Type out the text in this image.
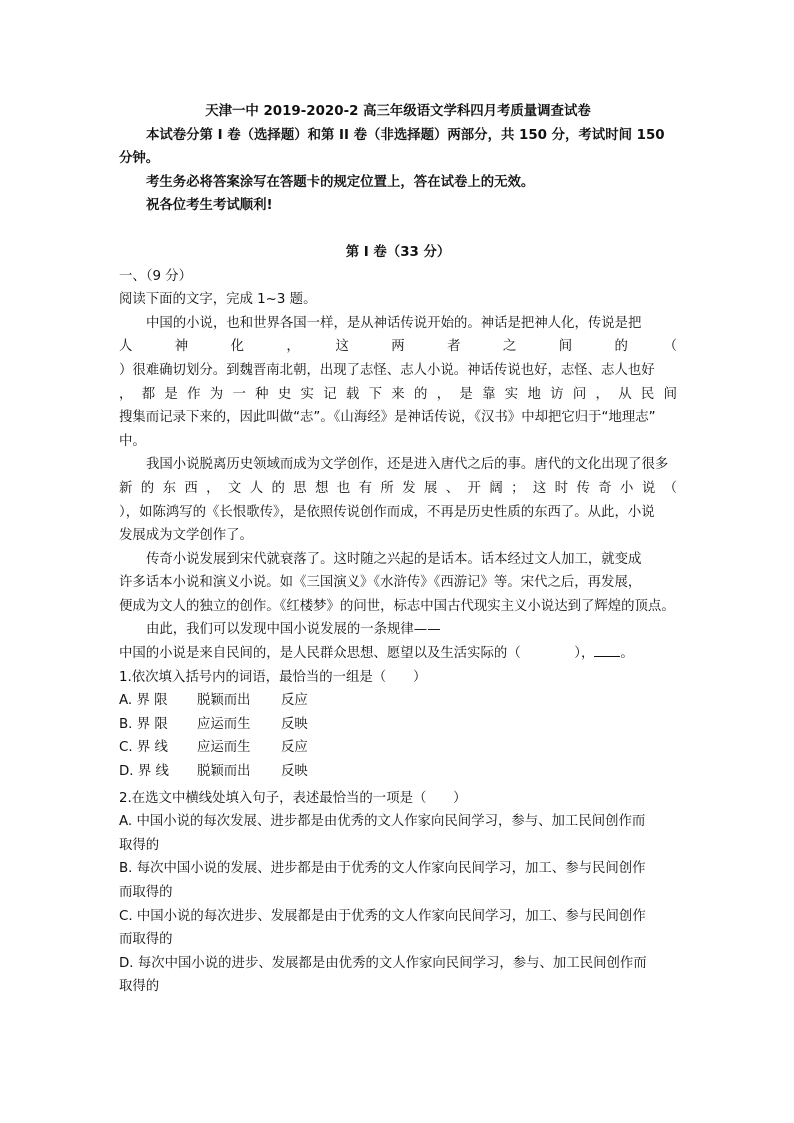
天津一中 2019-2020-2 高三年级语文学科四月考质量调查试卷

本试卷分第 I 卷（选择题）和第 II 卷（非选择题）两部分，共 150 分，考试时间 150

分钟。

考生务必将答案涂写在答题卡的规定位置上，答在试卷上的无效。

祝各位考生考试顺利!

第 I 卷（33 分）

一、（9 分）

阅读下面的文字，完成 1~3 题。

中国的小说，也和世界各国一样，是从神话传说开始的。神话是把神人化，传说是把

人　神　化　，　这　两　者　之　间　的　（

）很难确切划分。到魏晋南北朝，出现了志怪、志人小说。神话传说也好，志怪、志人也好

，都是作为一种史实记载下来的，是靠实地访问，从民间

搜集而记录下来的，因此叫做“志”。《山海经》是神话传说，《汉书》中却把它归于“地理志”

中。

我国小说脱离历史领域而成为文学创作，还是进入唐代之后的事。唐代的文化出现了很多

新的东西，文人的思想也有所发展、开阔；这时传奇小说（

），如陈鸿写的《长恨歌传》，是依照传说创作而成，不再是历史性质的东西了。从此，小说

发展成为文学创作了。

传奇小说发展到宋代就衰落了。这时随之兴起的是话本。话本经过文人加工，就变成

许多话本小说和演义小说。如《三国演义》《水浒传》《西游记》等。宋代之后，再发展，

便成为文人的独立的创作。《红楼梦》的问世，标志中国古代现实主义小说达到了辉煌的顶点。

由此，我们可以发现中国小说发展的一条规律——

中国的小说是来自民间的，是人民群众思想、愿望以及生活实际的（　　　　）， 。

1.依次填入括号内的词语，最恰当的一组是（　　）

A. 界 限 脱颖而出 反应

B. 界 限 应运而生 反映

C. 界 线 应运而生 反应

D. 界 线 脱颖而出 反映

2.在选文中横线处填入句子，表述最恰当的一项是（　　）

A. 中国小说的每次发展、进步都是由优秀的文人作家向民间学习，参与、加工民间创作而

取得的

B. 每次中国小说的发展、进步都是由于优秀的文人作家向民间学习，加工、参与民间创作

而取得的

C. 中国小说的每次进步、发展都是由于优秀的文人作家向民间学习，加工、参与民间创作

而取得的

D. 每次中国小说的进步、发展都是由优秀的文人作家向民间学习，参与、加工民间创作而

取得的
